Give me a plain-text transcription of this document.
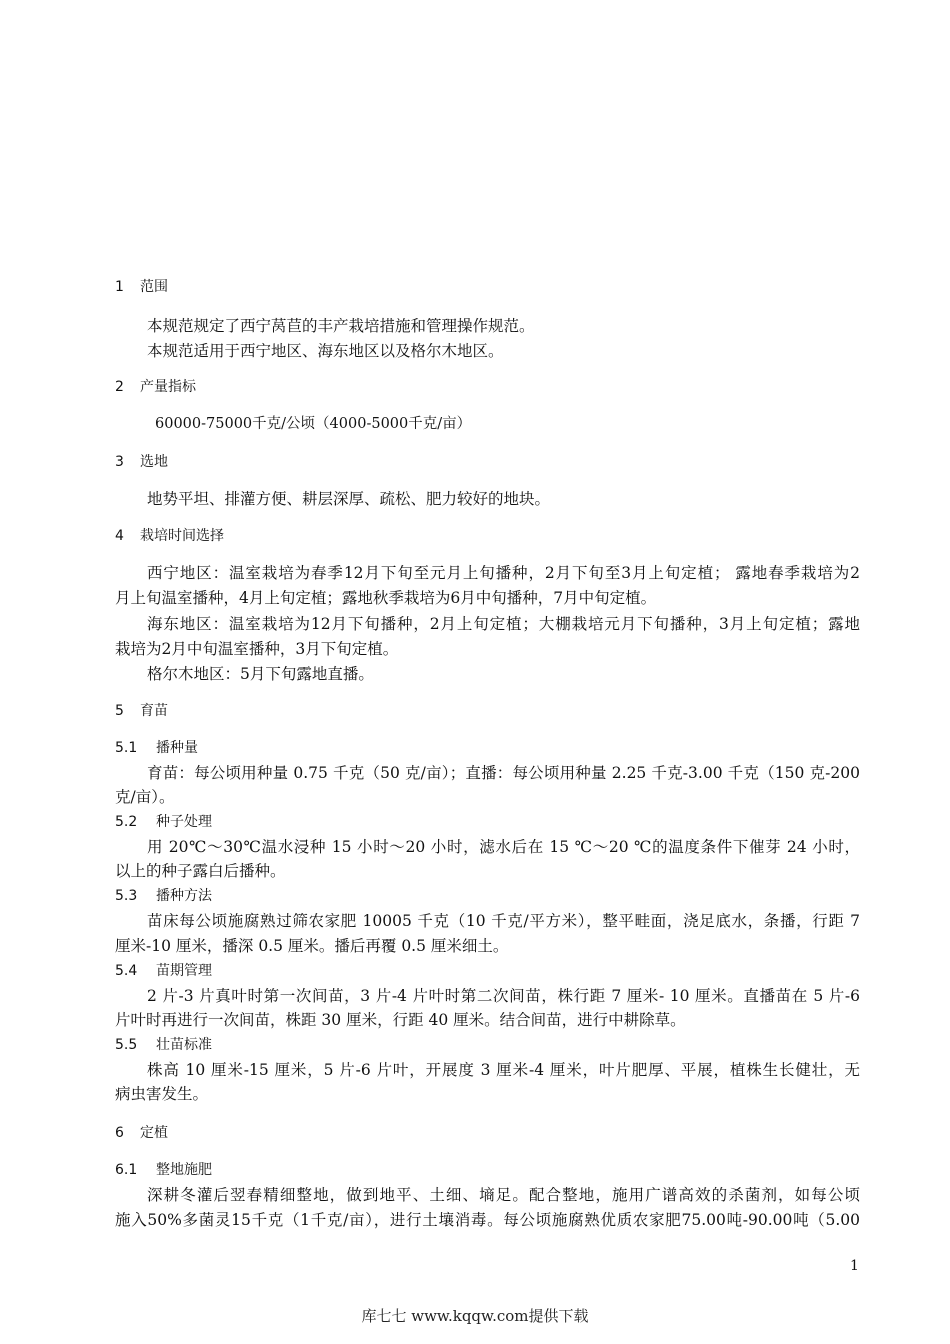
1 范围
本规范规定了西宁莴苣的丰产栽培措施和管理操作规范。
本规范适用于西宁地区、海东地区以及格尔木地区。
2 产量指标
60000-75000千克/公顷（4000-5000千克/亩）
3 选地
地势平坦、排灌方便、耕层深厚、疏松、肥力较好的地块。
4 栽培时间选择
西宁地区：温室栽培为春季12月下旬至元月上旬播种，2月下旬至3月上旬定植； 露地春季栽培为2
月上旬温室播种，4月上旬定植；露地秋季栽培为6月中旬播种，7月中旬定植。
海东地区：温室栽培为12月下旬播种，2月上旬定植；大棚栽培元月下旬播种，3月上旬定植；露地
栽培为2月中旬温室播种，3月下旬定植。
格尔木地区：5月下旬露地直播。
5 育苗
5.1 播种量
育苗：每公顷用种量 0.75 千克（50 克/亩）；直播：每公顷用种量 2.25 千克-3.00 千克（150 克-200
克/亩）。
5.2 种子处理
用 20℃～30℃温水浸种 15 小时～20 小时，滤水后在 15 ℃～20 ℃的温度条件下催芽 24 小时，
以上的种子露白后播种。
5.3 播种方法
苗床每公顷施腐熟过筛农家肥 10005 千克（10 千克/平方米），整平畦面，浇足底水，条播，行距 7
厘米-10 厘米，播深 0.5 厘米。播后再覆 0.5 厘米细土。
5.4 苗期管理
2 片-3 片真叶时第一次间苗，3 片-4 片叶时第二次间苗，株行距 7 厘米- 10 厘米。直播苗在 5 片-6
片叶时再进行一次间苗，株距 30 厘米，行距 40 厘米。结合间苗，进行中耕除草。
5.5 壮苗标准
株高 10 厘米-15 厘米，5 片-6 片叶，开展度 3 厘米-4 厘米，叶片肥厚、平展，植株生长健壮，无
病虫害发生。
6 定植
6.1 整地施肥
深耕冬灌后翌春精细整地，做到地平、土细、墒足。配合整地，施用广谱高效的杀菌剂，如每公顷
施入50%多菌灵15千克（1千克/亩），进行土壤消毒。每公顷施腐熟优质农家肥75.00吨-90.00吨（5.00
1
库七七 www.kqqw.com提供下载
